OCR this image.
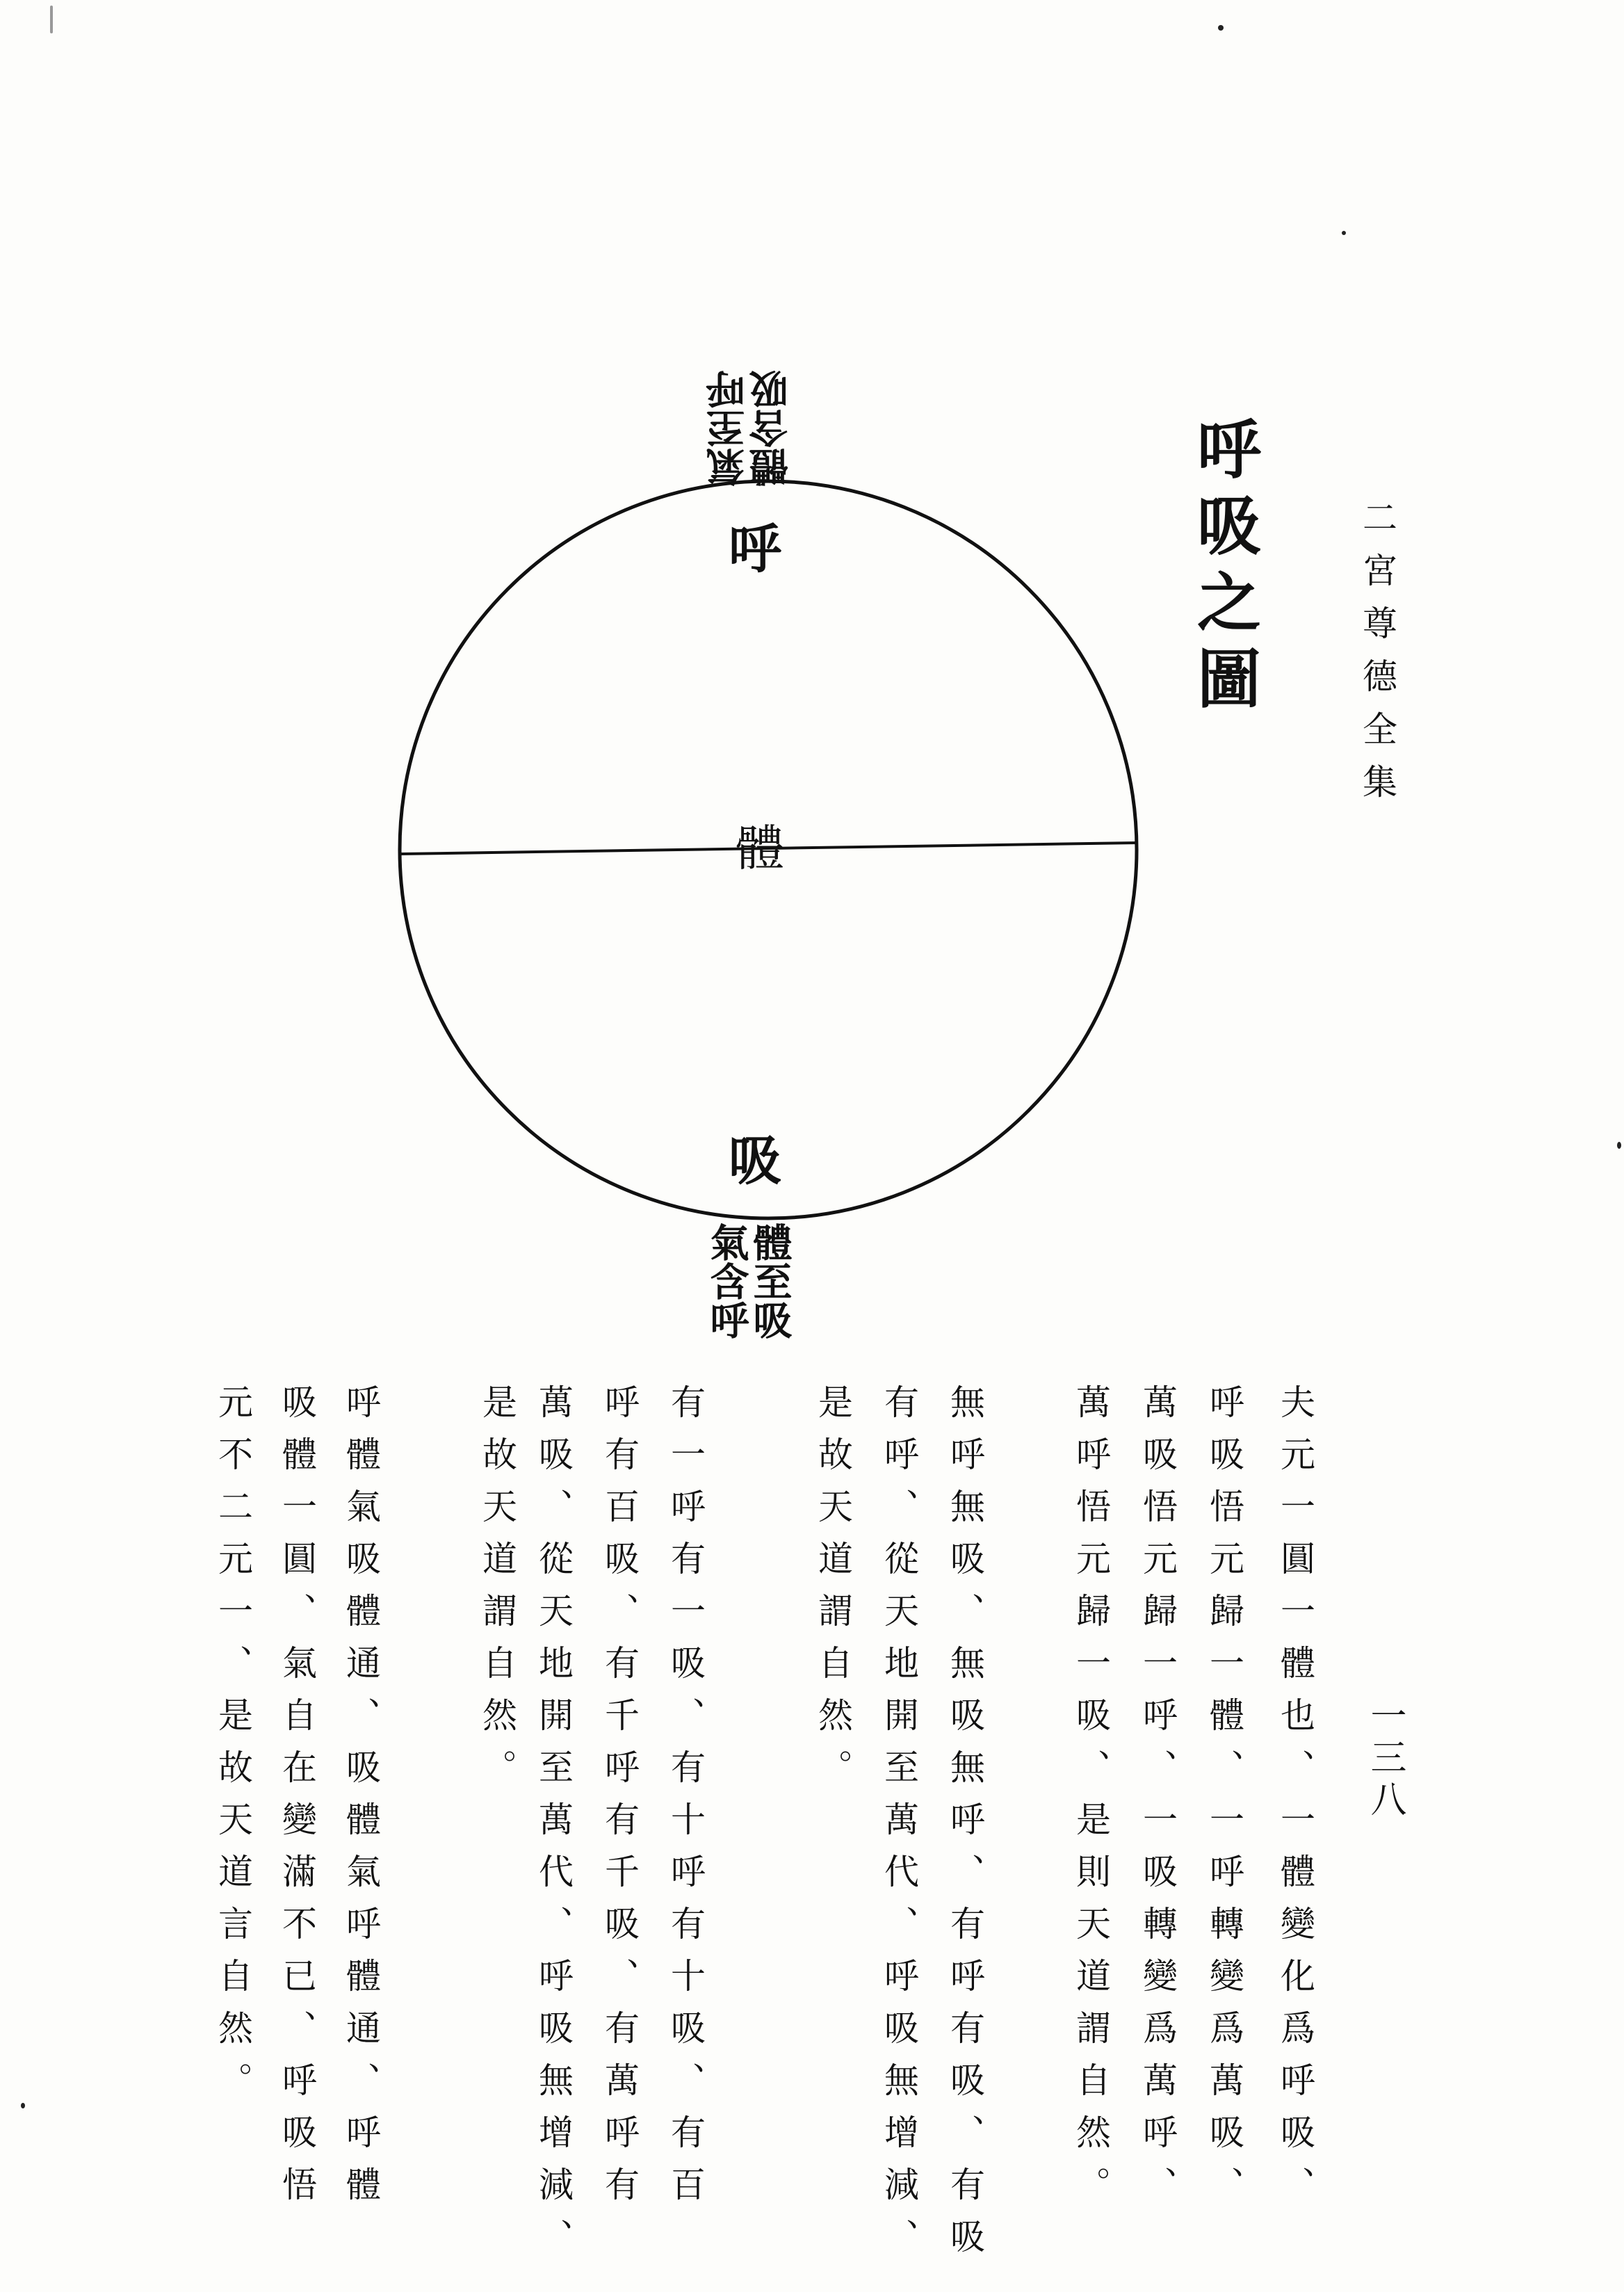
二宮尊德全集
一三八
呼吸之圖
呼
體
吸
氣至呼
體含吸
體至吸
氣含呼
夫元一圓一體也、一體變化爲呼吸、
呼吸悟元歸一體、一呼轉變爲萬吸、
萬吸悟元歸一呼、一吸轉變爲萬呼、
萬呼悟元歸一吸、是則天道謂自然。
無呼無吸、無吸無呼、有呼有吸、有吸
有呼、從天地開至萬代、呼吸無增減、
是故天道謂自然。
有一呼有一吸、有十呼有十吸、有百
呼有百吸、有千呼有千吸、有萬呼有
萬吸、從天地開至萬代、呼吸無增減、
是故天道謂自然。
呼體氣吸體通、吸體氣呼體通、呼體
吸體一圓、氣自在變滿不已、呼吸悟
元不二元一、是故天道言自然。
